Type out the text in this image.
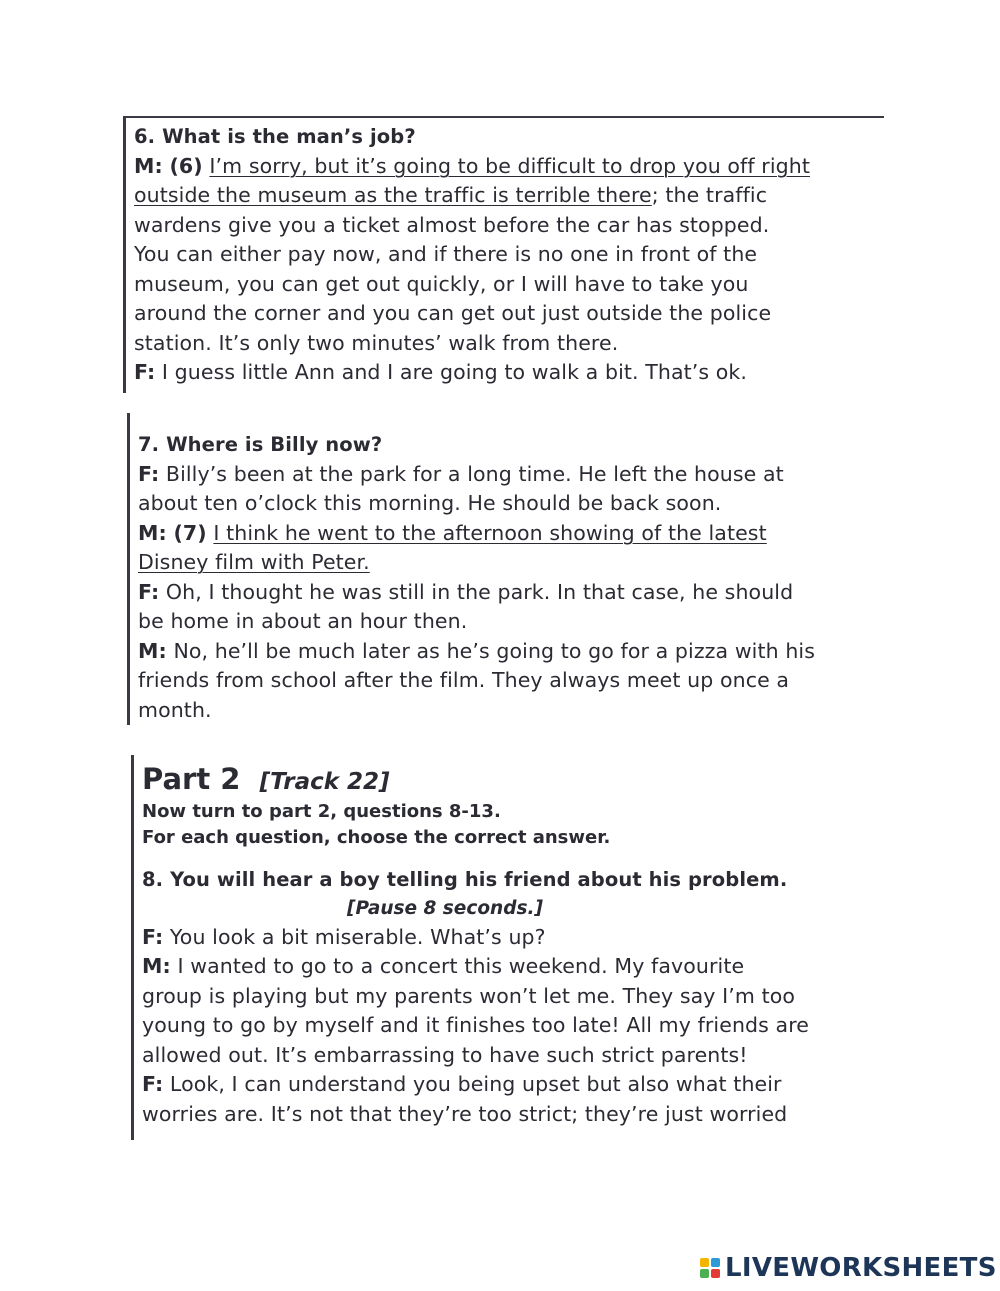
6. What is the man’s job?
M: (6) I’m sorry, but it’s going to be difficult to drop you off right
outside the museum as the traffic is terrible there; the traffic
wardens give you a ticket almost before the car has stopped.
You can either pay now, and if there is no one in front of the
museum, you can get out quickly, or I will have to take you
around the corner and you can get out just outside the police
station. It’s only two minutes’ walk from there.
F: I guess little Ann and I are going to walk a bit. That’s ok.
7. Where is Billy now?
F: Billy’s been at the park for a long time. He left the house at
about ten o’clock this morning. He should be back soon.
M: (7) I think he went to the afternoon showing of the latest
Disney film with Peter.
F: Oh, I thought he was still in the park. In that case, he should
be home in about an hour then.
M: No, he’ll be much later as he’s going to go for a pizza with his
friends from school after the film. They always meet up once a
month.
Part 2 [Track 22]
Now turn to part 2, questions 8-13.
For each question, choose the correct answer.
8. You will hear a boy telling his friend about his problem.
[Pause 8 seconds.]
F: You look a bit miserable. What’s up?
M: I wanted to go to a concert this weekend. My favourite
group is playing but my parents won’t let me. They say I’m too
young to go by myself and it finishes too late! All my friends are
allowed out. It’s embarrassing to have such strict parents!
F: Look, I can understand you being upset but also what their
worries are. It’s not that they’re too strict; they’re just worried
LIVEWORKSHEETS
